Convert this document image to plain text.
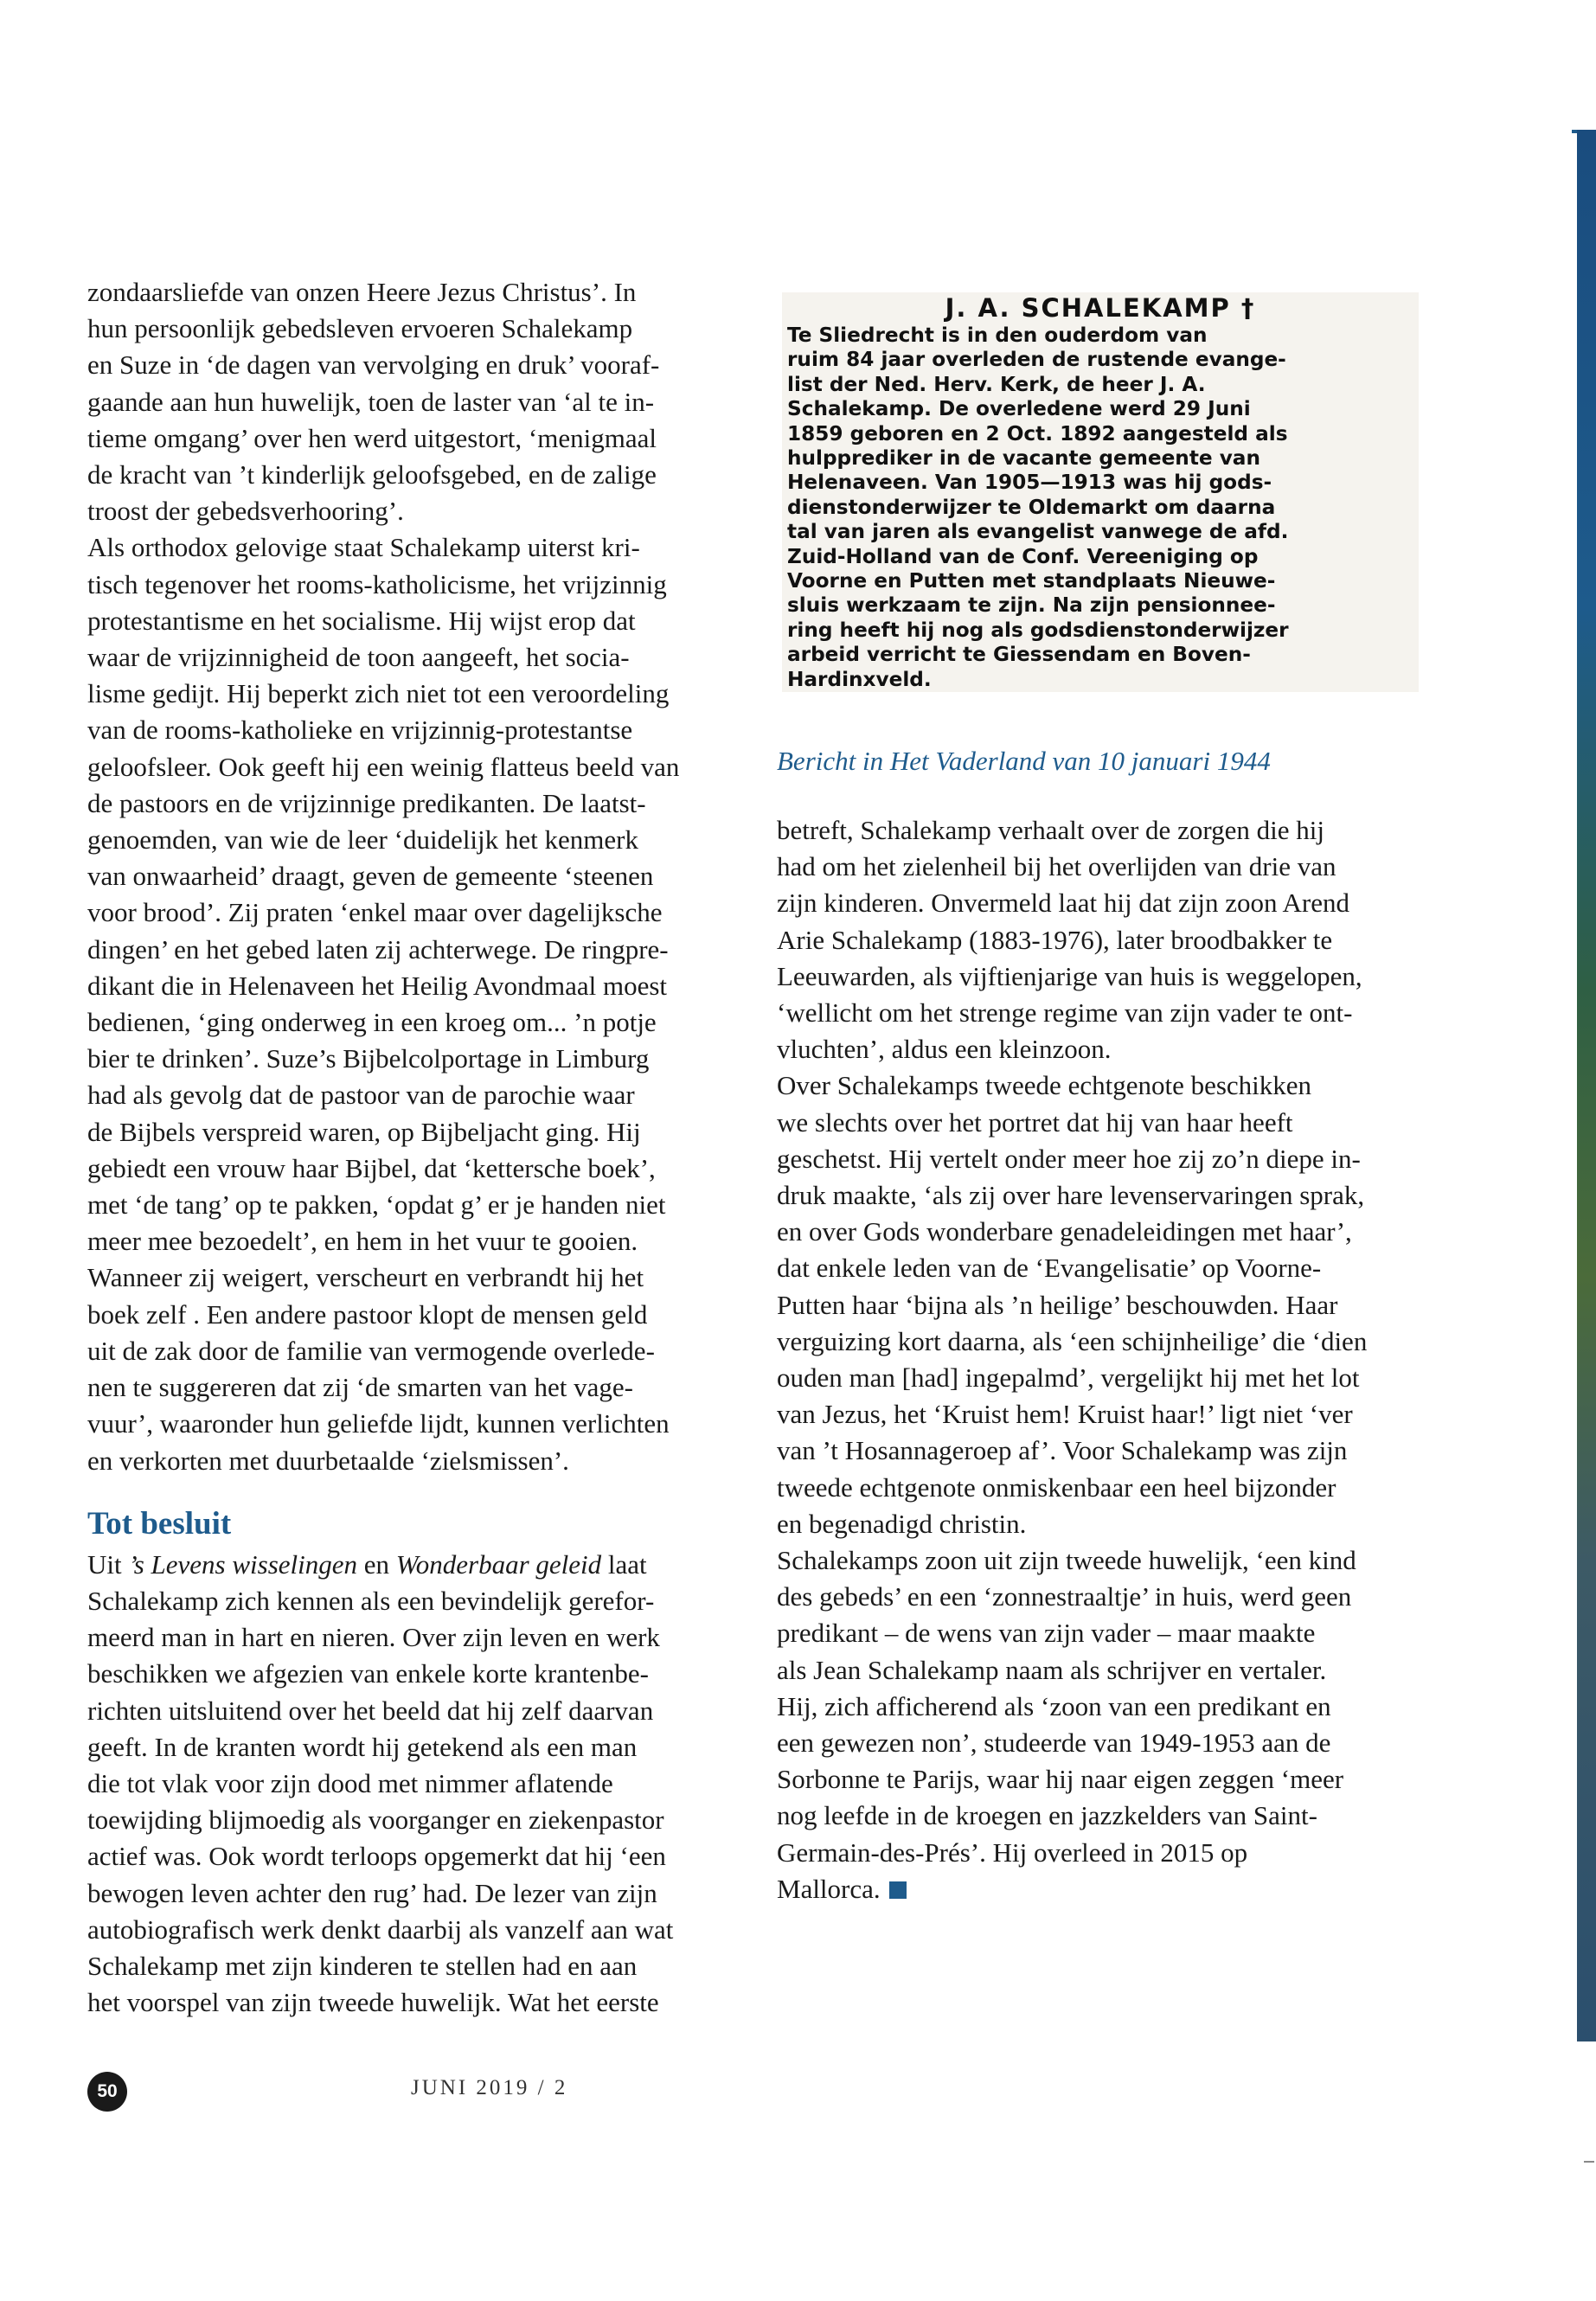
zondaarsliefde van onzen Heere Jezus Christus’. In
hun persoonlijk gebedsleven ervoeren Schalekamp
en Suze in ‘de dagen van vervolging en druk’ vooraf-
gaande aan hun huwelijk, toen de laster van ‘al te in-
tieme omgang’ over hen werd uitgestort, ‘menigmaal
de kracht van ’t kinderlijk geloofsgebed, en de zalige
troost der gebedsverhooring’.

Als orthodox gelovige staat Schalekamp uiterst kri-
tisch tegenover het rooms-katholicisme, het vrijzinnig
protestantisme en het socialisme. Hij wijst erop dat
waar de vrijzinnigheid de toon aangeeft, het socia-
lisme gedijt. Hij beperkt zich niet tot een veroordeling
van de rooms-katholieke en vrijzinnig-protestantse
geloofsleer. Ook geeft hij een weinig flatteus beeld van
de pastoors en de vrijzinnige predikanten. De laatst-
genoemden, van wie de leer ‘duidelijk het kenmerk
van onwaarheid’ draagt, geven de gemeente ‘steenen
voor brood’. Zij praten ‘enkel maar over dagelijksche
dingen’ en het gebed laten zij achterwege. De ringpre-
dikant die in Helenaveen het Heilig Avondmaal moest
bedienen, ‘ging onderweg in een kroeg om... ’n potje
bier te drinken’. Suze’s Bijbelcolportage in Limburg
had als gevolg dat de pastoor van de parochie waar
de Bijbels verspreid waren, op Bijbeljacht ging. Hij
gebiedt een vrouw haar Bijbel, dat ‘kettersche boek’,
met ‘de tang’ op te pakken, ‘opdat g’ er je handen niet
meer mee bezoedelt’, en hem in het vuur te gooien.
Wanneer zij weigert, verscheurt en verbrandt hij het
boek zelf . Een andere pastoor klopt de mensen geld
uit de zak door de familie van vermogende overlede-
nen te suggereren dat zij ‘de smarten van het vage-
vuur’, waaronder hun geliefde lijdt, kunnen verlichten
en verkorten met duurbetaalde ‘zielsmissen’.

Tot besluit

Uit ’s Levens wisselingen en Wonderbaar geleid laat
Schalekamp zich kennen als een bevindelijk gerefor-
meerd man in hart en nieren. Over zijn leven en werk
beschikken we afgezien van enkele korte krantenbe-
richten uitsluitend over het beeld dat hij zelf daarvan
geeft. In de kranten wordt hij getekend als een man
die tot vlak voor zijn dood met nimmer aflatende
toewijding blijmoedig als voorganger en ziekenpastor
actief was. Ook wordt terloops opgemerkt dat hij ‘een
bewogen leven achter den rug’ had. De lezer van zijn
autobiografisch werk denkt daarbij als vanzelf aan wat
Schalekamp met zijn kinderen te stellen had en aan
het voorspel van zijn tweede huwelijk. Wat het eerste

J. A. SCHALEKAMP †
Te Sliedrecht is in den ouderdom van
ruim 84 jaar overleden de rustende evange-
list der Ned. Herv. Kerk, de heer J. A.
Schalekamp. De overledene werd 29 Juni
1859 geboren en 2 Oct. 1892 aangesteld als
hulpprediker in de vacante gemeente van
Helenaveen. Van 1905—1913 was hij gods-
dienstonderwijzer te Oldemarkt om daarna
tal van jaren als evangelist vanwege de afd.
Zuid-Holland van de Conf. Vereeniging op
Voorne en Putten met standplaats Nieuwe-
sluis werkzaam te zijn. Na zijn pensionnee-
ring heeft hij nog als godsdienstonderwijzer
arbeid verricht te Giessendam en Boven-
Hardinxveld.
Bericht in Het Vaderland van 10 januari 1944

betreft, Schalekamp verhaalt over de zorgen die hij
had om het zielenheil bij het overlijden van drie van
zijn kinderen. Onvermeld laat hij dat zijn zoon Arend
Arie Schalekamp (1883-1976), later broodbakker te
Leeuwarden, als vijftienjarige van huis is weggelopen,
‘wellicht om het strenge regime van zijn vader te ont-
vluchten’, aldus een kleinzoon.

Over Schalekamps tweede echtgenote beschikken
we slechts over het portret dat hij van haar heeft
geschetst. Hij vertelt onder meer hoe zij zo’n diepe in-
druk maakte, ‘als zij over hare levenservaringen sprak,
en over Gods wonderbare genadeleidingen met haar’,
dat enkele leden van de ‘Evangelisatie’ op Voorne-
Putten haar ‘bijna als ’n heilige’ beschouwden. Haar
verguizing kort daarna, als ‘een schijnheilige’ die ‘dien
ouden man [had] ingepalmd’, vergelijkt hij met het lot
van Jezus, het ‘Kruist hem! Kruist haar!’ ligt niet ‘ver
van ’t Hosannageroep af’. Voor Schalekamp was zijn
tweede echtgenote onmiskenbaar een heel bijzonder
en begenadigd christin.

Schalekamps zoon uit zijn tweede huwelijk, ‘een kind
des gebeds’ en een ‘zonnestraaltje’ in huis, werd geen
predikant – de wens van zijn vader – maar maakte
als Jean Schalekamp naam als schrijver en vertaler.
Hij, zich afficherend als ‘zoon van een predikant en
een gewezen non’, studeerde van 1949-1953 aan de
Sorbonne te Parijs, waar hij naar eigen zeggen ‘meer
nog leefde in de kroegen en jazzkelders van Saint-
Germain-des-Prés’. Hij overleed in 2015 op
Mallorca.

50	JUNI 2019 / 2
